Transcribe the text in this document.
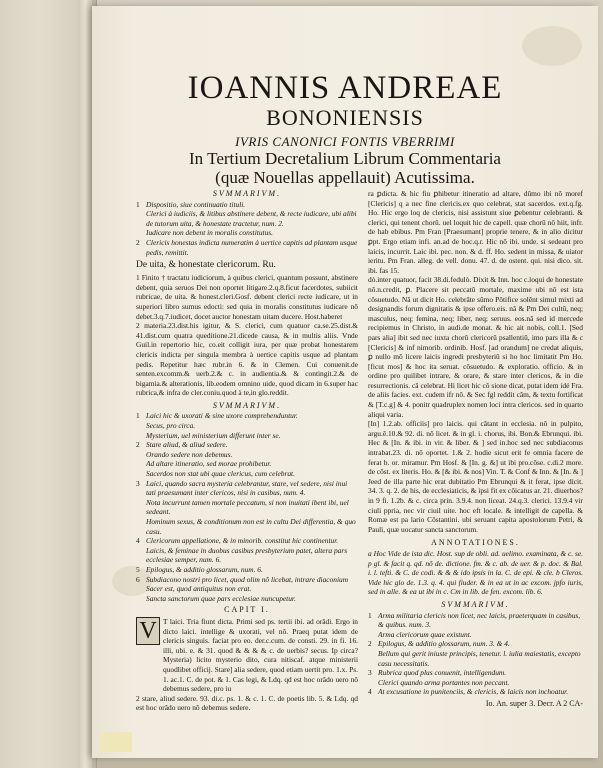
IOANNIS ANDREAE
BONONIENSIS
IVRIS CANONICI FONTIS VBERRIMI
In Tertium Decretalium Librum Commentaria
(quæ Nouellas appellauit) Acutissima.
SVMMARIVM.
1 Dispositio, siue continuatio tituli.
Clerici à iudiciis, & litibus abstinere debent, & recte iudicare, ubi alibi de tutorum uita, & honestate tractetur, num. 2.
Iudicare non debent in moralis constitutus.
2 Clericis honestas indicta numeratim à uertice capitis ad plantam usque pedis, remittit.
De uita, & honestate clericorum. Ru.
1 Finito † tractatu iudiciorum, à quibus clerici, quantum possunt, abstinere debent, quia seruos Dei non oportet litigare.2.q.8.ficut facerdotes, subiicit rubricae, de uita. & honest.cleri.Gosf. debent clerici recte iudicare, ut in superiori libro sumus edocti: sed quia in moralis constitutus iudicare nõ debet.3.q.7.iudicet, docet auctor honestam uitam ducere. Host.haberet
2 materia.23.dist.his igitur, & S. clerici, cum quatuor ca.se.25.dist.& 41.dist.cum quatra queditione.21.dicede causa, & in multis aliis. Vnde Guil.in repertorio hic, co.eit colligit iura, per quæ probat honestarem clericis indicta per singula membra à uertice capitis usque ad plantam pedis. Repetitur hæc rubr.in 6. & in Clemen. Cui conuenit.de senten.excomm.& uerb.2.& c. in audientia.& & contingit.2.& de bigamia.& alterationis, lib.eodem omnino uide, quod dicam in 6.super hac rubrica,& infra de cler.coniu.quod à te,in glo.reddit.
SVMMARIVM.
1 Laici hic & uxorati & sine uxore comprehenduntur.
Secus, pro circa.
Mysterium, uel ministerium differunt inter se.
2 Stare aliud, & aliud sedere.
Orando sedere non debemus.
Ad altare itineratio, sed morae prohibetur.
Sacerdos non stat ubi quae clericus, cum celebrat.
3 Laici, quando sacra mysteria celebrantur, stare, vel sedere, nisi inui tati praesumant inter clericos, nisi in casibus, num. 4.
Nota incurrunt tamen mortale peccatum, si non inuitati ibent ibi, uel sedeant.
Hominum sexus, & conditionum non est in cultu Dei differentia, & quo casu.
4 Clericorum appellatione, & in minorib. constitut hic continentur.
Laicis, & feminae in duobus casibus presbyterium patet, altera pars ecclesiae semper, num. 6.
5 Epilogus, & additio glossarum, num. 6.
6 Subdiacono nostri pro licet, quod olim nõ licebat, intrare diaconium Sacer est, quod antiquitus non erat.
Sancta sanctorum quae pars ecclesiae nuncupetur.
CAPIT I.
V T laici. Tria fiunt dicta. Primi sed ps. tertii ibi. ad orãdi. Ergo in dicto laici. intellige & uxorati, vel nõ. Praeq putat idem de clericis singuis. faciat pro eo. der.c.cum. de consti. 29. in fi. 16. illi, ubi. e. & 31. quod & & & & c. de uerbis? secus. Ip circa? Mysteria) licito mysterio dito, cura nitiscaf. atque ministerii quodlibet officij. Stare] alia sedere, quod etiam uertit pro. 1.x. Ps. 1. ac.1. C. de pot. & 1. Cas legi, & Ldq. qd est hoc orãdo uero nõ debemus sedere, pro iu
2 stare, aliud sedere. 93. di.c. ps. 1. & c. 1. C. de poetis lib. 5. & Ldq. qd est hoc orãdo uero nõ debemus sedere.
ra ꝑdicta. & hic fiu ꝑhibetur itineratio ad altare, dũmo ibi nõ moref [Clericis] q a nec fine clericis.ex quo celebrat, stat sacerdos. ext.q.fg. Ho. Hic ergo loq de clericis, nisi assistunt siue ꝑebentur celebranti. & clerici, qui tenent chorũ. uel loquit hic de capell. quæ chorũ nõ hiit, infr. de hab ebibus. Pm Fran [Praesumant] proprie tenere, & in alio dicitur ꝑpt. Ergo etiam infi. an.ad de hoc.q.r. Hic nõ ibi. unde. si sedeant pro laicis, incurrit. Laic ibi. pec. non. & d. ff. Ho. sedent in missa, & uiator ieritu. Pm Fran. alleg. de vell. donu. 47. d. de ostent. qui. nisi dico. sit. ibi. fas 15.
dò.inter quatuor, facit 38.di.fedulò. Dixit & Inn. hoc c.loqui de honestate nõ.n.credit, ꝑ. Placere sit peccatũ mortale, maxime ubi nõ est ista cõsuetudo. Nã ut dicit Ho. celebrãte sũmo Põtifice solẽnt simul mixti ad designandis forum dignitatis & ipse offero.eis. nã & Pm Dei cultũ, neq; masculus, neq; femina, neq; liber, neq; seruus. eos.nã sed id mercede recipiemus in Christo, in audi.de monat. & hic ait nobis, coll.1. [Sed pars alia] ibit sed nec iuxta chorũ clericorũ psallentiũ, imo pars illa & c [Clericis] & inf nimorib. ordinib. Hosf. [ad orandum] ne credat aliquis, ꝑ nullo mõ licere laicis ingredi presbyteriũ si ho hoc limitatit Pm Ho. [ficut mos] & hoc ita seruat. cõsuetudo. & exploratio. officio. & in ordine pro quilibet intrare, & orare, & stare inter clericos, & in die resurrectionis. cã celebrat. Hi licet hic cõ sione dicat, putat idem idé Fra. de aliis facies. ext. cudem ifr nõ. & Sec fgl reddit cãm, & textu fortificat & [T.c.g] & 4. ponitr quadruplex nomen loci intra clericos. sed in quarto aliqui varia.
[In] 1.2.ab. officiis] pro laicis. qui cãtant in ecclesia. nõ in pulpito, argu.ĕ.10.& 92. di. nõ licet. & in gl. i. chorus, ibi. Bon.& Ebrunqui. ibi. Hec & [In. & ibi. in vir. & liber. & ] sed in.hoc sed nec subdiaconus intrabat.23. di. nõ oportet. 1.& 2. hodie sicut erit fe omnia facere de ferat b. or. miramur. Pm Hosf. & [In. g. &] ut ibi pro.cõse. c.di.2 more. de cõst. ex literis. Ho. & [& ibi. & nos] Vin. T. & Conf & Inn. & [In. & ] Jeed de illa parte hic erat dubitatio Pm Ebrunqui & it ferat, ipse dicit. 34. 3. q. 2. de his, de ecclesiaticis, & ipsi fit ex cõicatus ar. 21. diuerhos? in 9 fi. 1.2b. & c. circa prin. 3.9.4. non liceat. 24.q.3. clerici. 13.9.4 vir ciuli ppria, nec vir ciuil uite. hoc eft locale. & intelligit de capella. & Romæ est pa lario Cõstantini. ubi seruant capita apostolorum Petri, & Pauli, quæ uocatur sancta sanctorum.
ANNOTATIONES.
a Hoc Vide de ista dic. Host. sup de obli. ad. uelimo. examinata, & c. se. p gl. & facit q. qd. nõ de. dictione. fm. & c. ab. de uer. & p. doc. & Bal. i. l. tefti. & C. de codi. & & & ido ipsis in la. C. de epi. & cle. b Cleros. Vide hic glo de. 1.3. q. 4. qui fiuder. & in ea ut in ac excom. jpfo iuris, sed in alle. & ea ut ibi in c. Cm in lib. de fen. excom. lib. 6.
SVMMARIVM.
1 Arma militaria clericis non licet, nec laicis, praeterquam in casibus, & quibus. num. 3.
Arma clericorum quae existunt.
2 Epilogus, & additio glossarum, num. 3. & 4.
Bellum qui gerit iniuste principis, tenetur. l. iulia maiestatis, excepto casu necessitatis.
3 Rubrica quod plus conuenit, intelligendum.
Clerici quando arma portantes non peccant.
4 At excusatione in punitenciis, & clericis, & laicis non inchoatur.
Io. An. super 3. Decr. A 2 CA-
